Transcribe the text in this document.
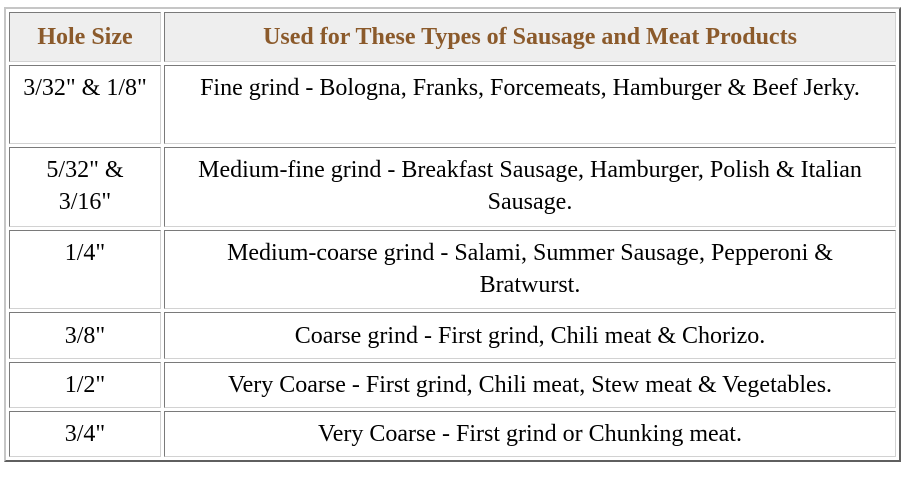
Hole Size	Used for These Types of Sausage and Meat Products
3/32" & 1/8"	Fine grind - Bologna, Franks, Forcemeats, Hamburger & Beef Jerky.
5/32" & 3/16"	Medium-fine grind - Breakfast Sausage, Hamburger, Polish & Italian Sausage.
1/4"	Medium-coarse grind - Salami, Summer Sausage, Pepperoni & Bratwurst.
3/8"	Coarse grind - First grind, Chili meat & Chorizo.
1/2"	Very Coarse - First grind, Chili meat, Stew meat & Vegetables.
3/4"	Very Coarse - First grind or Chunking meat.
